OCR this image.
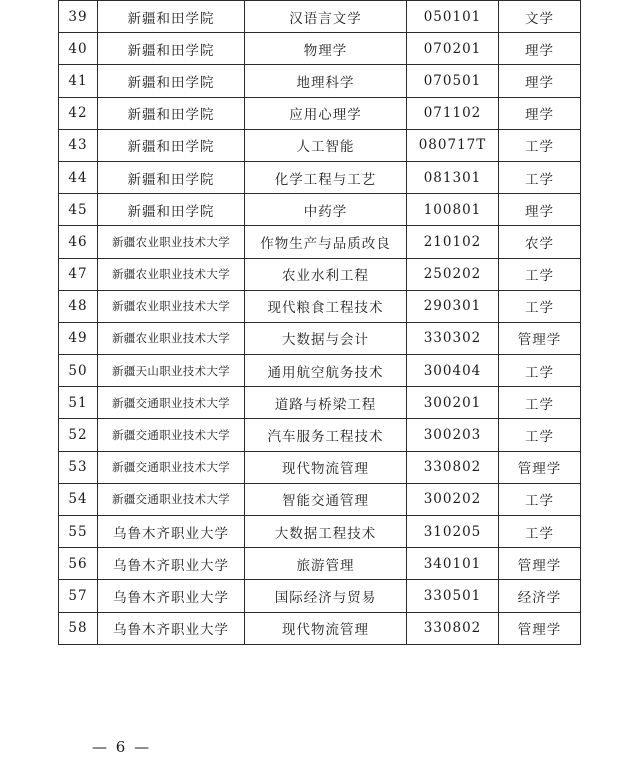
39	新疆和田学院	汉语言文学	050101	文学
40	新疆和田学院	物理学	070201	理学
41	新疆和田学院	地理科学	070501	理学
42	新疆和田学院	应用心理学	071102	理学
43	新疆和田学院	人工智能	080717T	工学
44	新疆和田学院	化学工程与工艺	081301	工学
45	新疆和田学院	中药学	100801	理学
46	新疆农业职业技术大学	作物生产与品质改良	210102	农学
47	新疆农业职业技术大学	农业水利工程	250202	工学
48	新疆农业职业技术大学	现代粮食工程技术	290301	工学
49	新疆农业职业技术大学	大数据与会计	330302	管理学
50	新疆天山职业技术大学	通用航空航务技术	300404	工学
51	新疆交通职业技术大学	道路与桥梁工程	300201	工学
52	新疆交通职业技术大学	汽车服务工程技术	300203	工学
53	新疆交通职业技术大学	现代物流管理	330802	管理学
54	新疆交通职业技术大学	智能交通管理	300202	工学
55	乌鲁木齐职业大学	大数据工程技术	310205	工学
56	乌鲁木齐职业大学	旅游管理	340101	管理学
57	乌鲁木齐职业大学	国际经济与贸易	330501	经济学
58	乌鲁木齐职业大学	现代物流管理	330802	管理学
— 6 —
